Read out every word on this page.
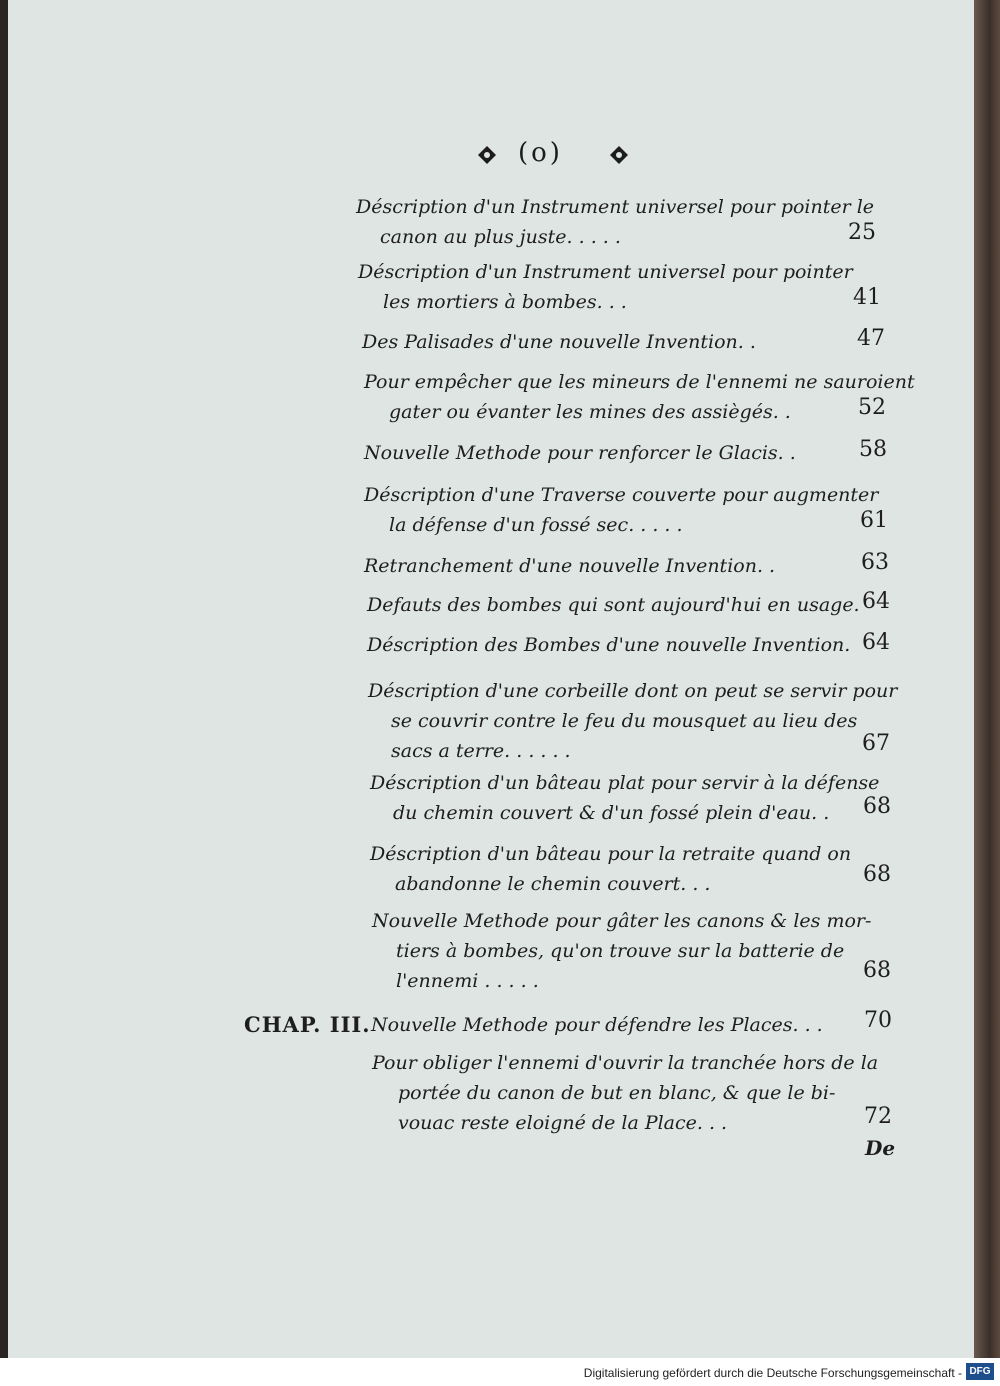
(o)
Déscription d'un Instrument universel pour pointer le
canon au plus juste. . . . .	25
Déscription d'un Instrument universel pour pointer
les mortiers à bombes. . .	41
Des Palisades d'une nouvelle Invention. .	47
Pour empêcher que les mineurs de l'ennemi ne sauroient
gater ou évanter les mines des assiègés. .	52
Nouvelle Methode pour renforcer le Glacis. .	58
Déscription d'une Traverse couverte pour augmenter
la défense d'un fossé sec. . . . .	61
Retranchement d'une nouvelle Invention. .	63
Defauts des bombes qui sont aujourd'hui en usage. 64
Déscription des Bombes d'une nouvelle Invention. 64
Déscription d'une corbeille dont on peut se servir pour
se couvrir contre le feu du mousquet au lieu des
sacs a terre. . . . . .	67
Déscription d'un bâteau plat pour servir à la défense
du chemin couvert & d'un fossé plein d'eau. . 68
Déscription d'un bâteau pour la retraite quand on
abandonne le chemin couvert. . .	68
Nouvelle Methode pour gâter les canons & les mor-
tiers à bombes, qu'on trouve sur la batterie de
l'ennemi . . . . .	68
CHAP. III. Nouvelle Methode pour défendre les Places. . . 70
Pour obliger l'ennemi d'ouvrir la tranchée hors de la
portée du canon de but en blanc, & que le bi-
vouac reste eloigné de la Place. . .	72
De
Digitalisierung gefördert durch die Deutsche Forschungsgemeinschaft - DFG
